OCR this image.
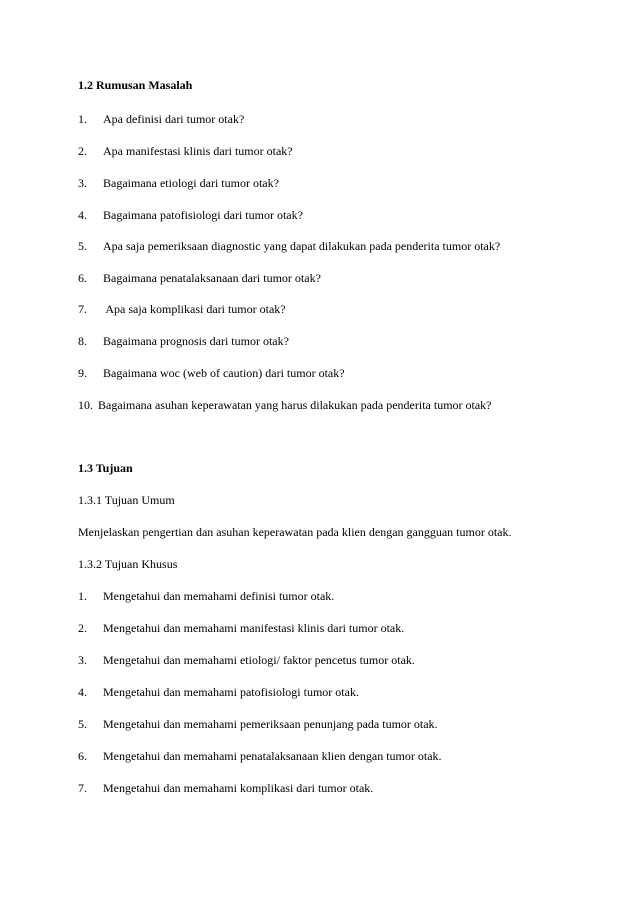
1.2 Rumusan Masalah
1. Apa definisi dari tumor otak?
2. Apa manifestasi klinis dari tumor otak?
3. Bagaimana etiologi dari tumor otak?
4. Bagaimana patofisiologi dari tumor otak?
5. Apa saja pemeriksaan diagnostic yang dapat dilakukan pada penderita tumor otak?
6. Bagaimana penatalaksanaan dari tumor otak?
7. Apa saja komplikasi dari tumor otak?
8. Bagaimana prognosis dari tumor otak?
9. Bagaimana woc (web of caution) dari tumor otak?
10. Bagaimana asuhan keperawatan yang harus dilakukan pada penderita tumor otak?
1.3 Tujuan
1.3.1 Tujuan Umum
Menjelaskan pengertian dan asuhan keperawatan pada klien dengan gangguan tumor otak.
1.3.2 Tujuan Khusus
1. Mengetahui dan memahami definisi tumor otak.
2. Mengetahui dan memahami manifestasi klinis dari tumor otak.
3. Mengetahui dan memahami etiologi/ faktor pencetus tumor otak.
4. Mengetahui dan memahami patofisiologi tumor otak.
5. Mengetahui dan memahami pemeriksaan penunjang pada tumor otak.
6. Mengetahui dan memahami penatalaksanaan klien dengan tumor otak.
7. Mengetahui dan memahami komplikasi dari tumor otak.
